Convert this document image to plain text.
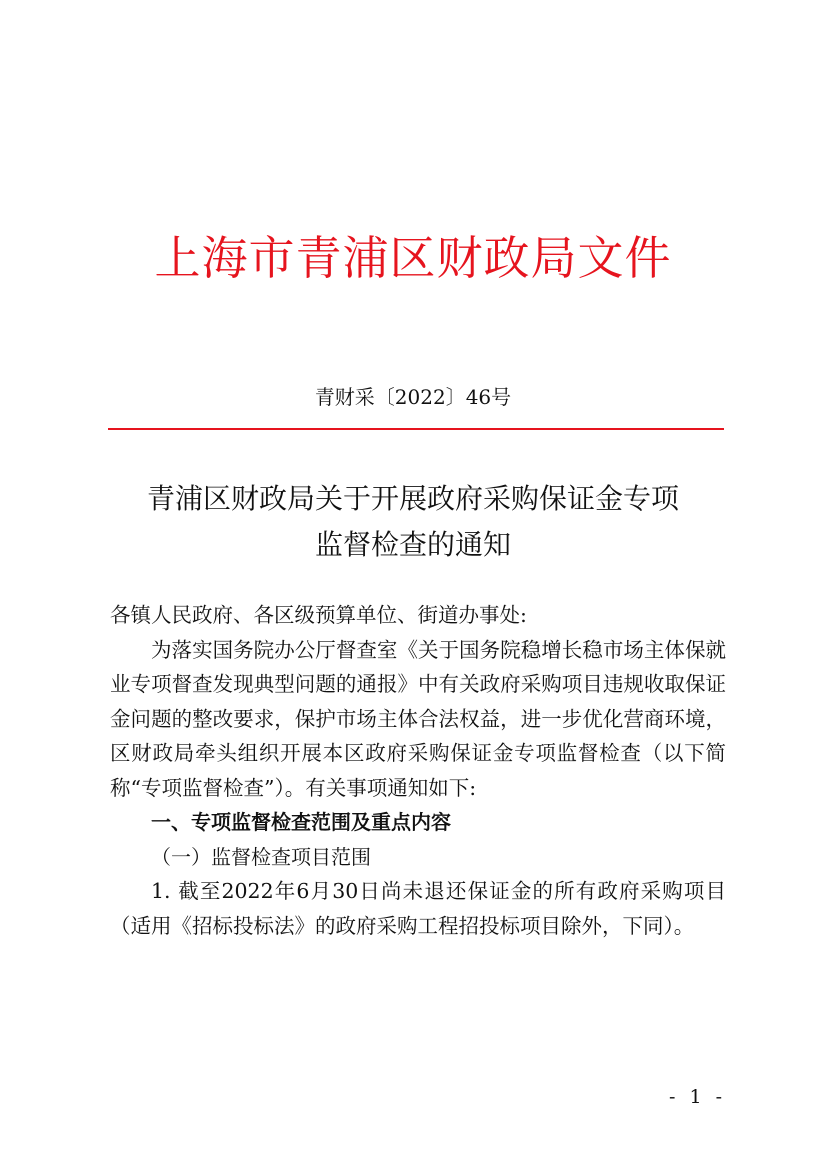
上海市青浦区财政局文件
青财采〔2022〕46号
青浦区财政局关于开展政府采购保证金专项
监督检查的通知

各镇人民政府、各区级预算单位、街道办事处:

为落实国务院办公厅督查室《关于国务院稳增长稳市场主体保就业专项督查发现典型问题的通报》中有关政府采购项目违规收取保证金问题的整改要求，保护市场主体合法权益，进一步优化营商环境，区财政局牵头组织开展本区政府采购保证金专项监督检查（以下简称“专项监督检查”）。有关事项通知如下:

一、专项监督检查范围及重点内容

（一）监督检查项目范围

1. 截至2022年6月30日尚未退还保证金的所有政府采购项目（适用《招标投标法》的政府采购工程招投标项目除外，下同）。

- 1 -
